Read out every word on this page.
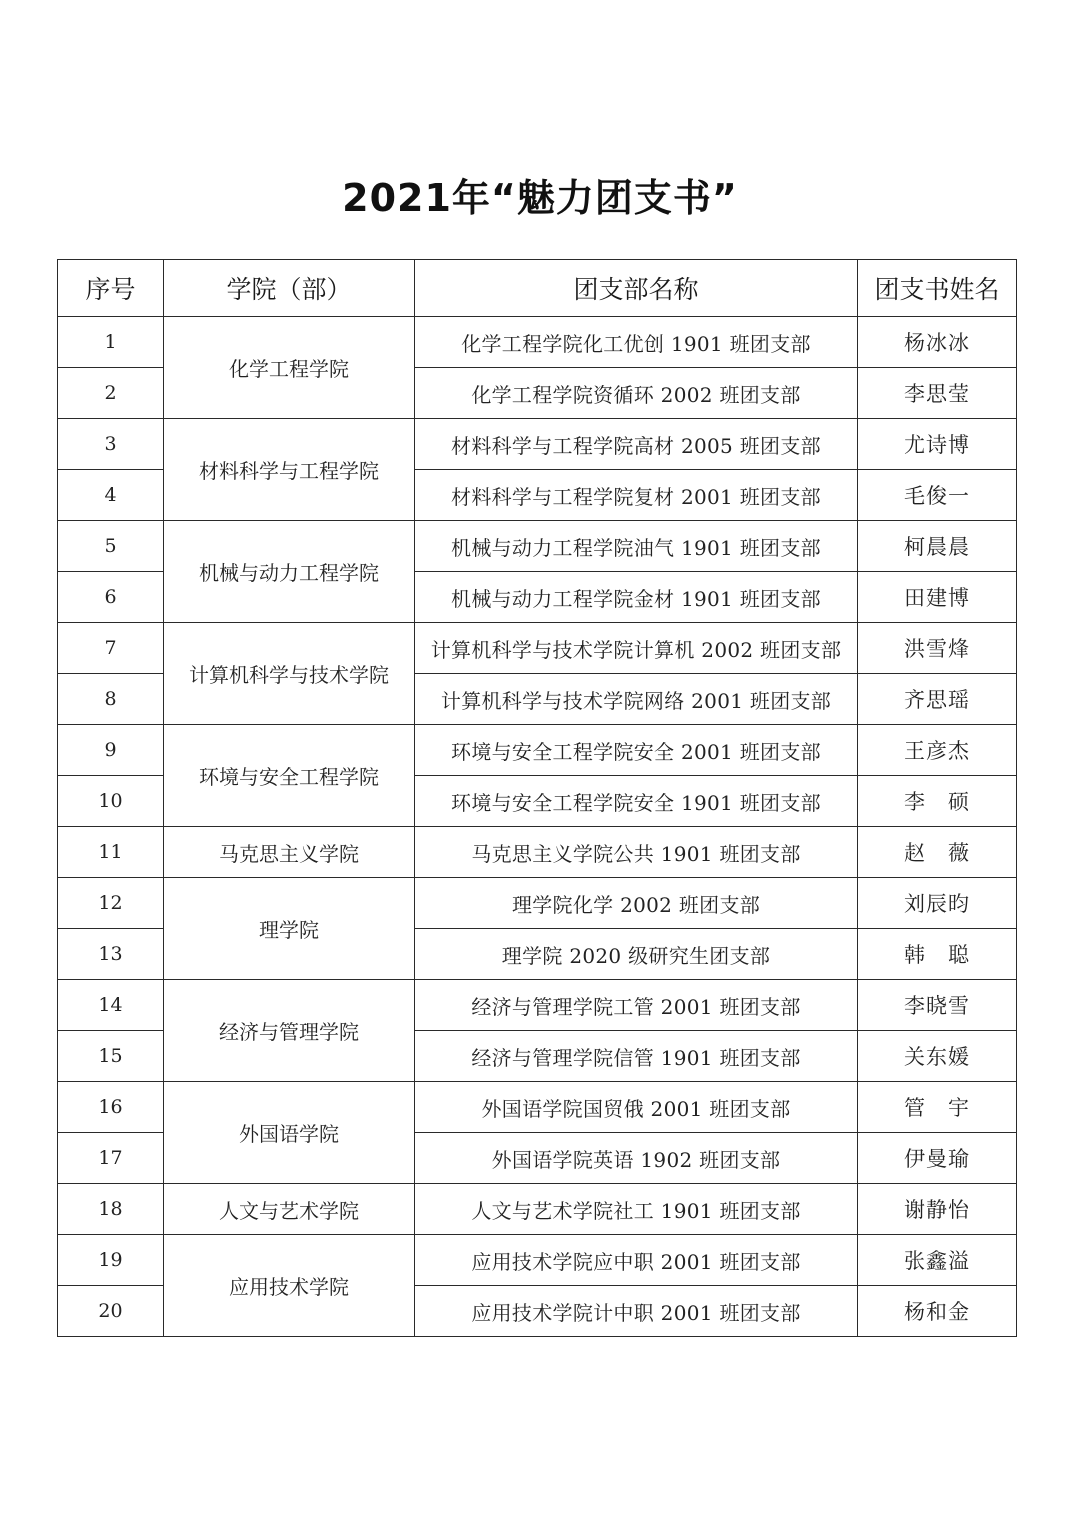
2021年“魅力团支书”
序号	学院（部）	团支部名称	团支书姓名
1	化学工程学院	化学工程学院化工优创 1901 班团支部	杨冰冰
2		化学工程学院资循环 2002 班团支部	李思莹
3	材料科学与工程学院	材料科学与工程学院高材 2005 班团支部	尤诗博
4		材料科学与工程学院复材 2001 班团支部	毛俊一
5	机械与动力工程学院	机械与动力工程学院油气 1901 班团支部	柯晨晨
6		机械与动力工程学院金材 1901 班团支部	田建博
7	计算机科学与技术学院	计算机科学与技术学院计算机 2002 班团支部	洪雪烽
8		计算机科学与技术学院网络 2001 班团支部	齐思瑶
9	环境与安全工程学院	环境与安全工程学院安全 2001 班团支部	王彦杰
10		环境与安全工程学院安全 1901 班团支部	李　硕
11	马克思主义学院	马克思主义学院公共 1901 班团支部	赵　薇
12	理学院	理学院化学 2002 班团支部	刘辰昀
13		理学院 2020 级研究生团支部	韩　聪
14	经济与管理学院	经济与管理学院工管 2001 班团支部	李晓雪
15		经济与管理学院信管 1901 班团支部	关东媛
16	外国语学院	外国语学院国贸俄 2001 班团支部	管　宇
17		外国语学院英语 1902 班团支部	伊曼瑜
18	人文与艺术学院	人文与艺术学院社工 1901 班团支部	谢静怡
19	应用技术学院	应用技术学院应中职 2001 班团支部	张鑫溢
20		应用技术学院计中职 2001 班团支部	杨和金
